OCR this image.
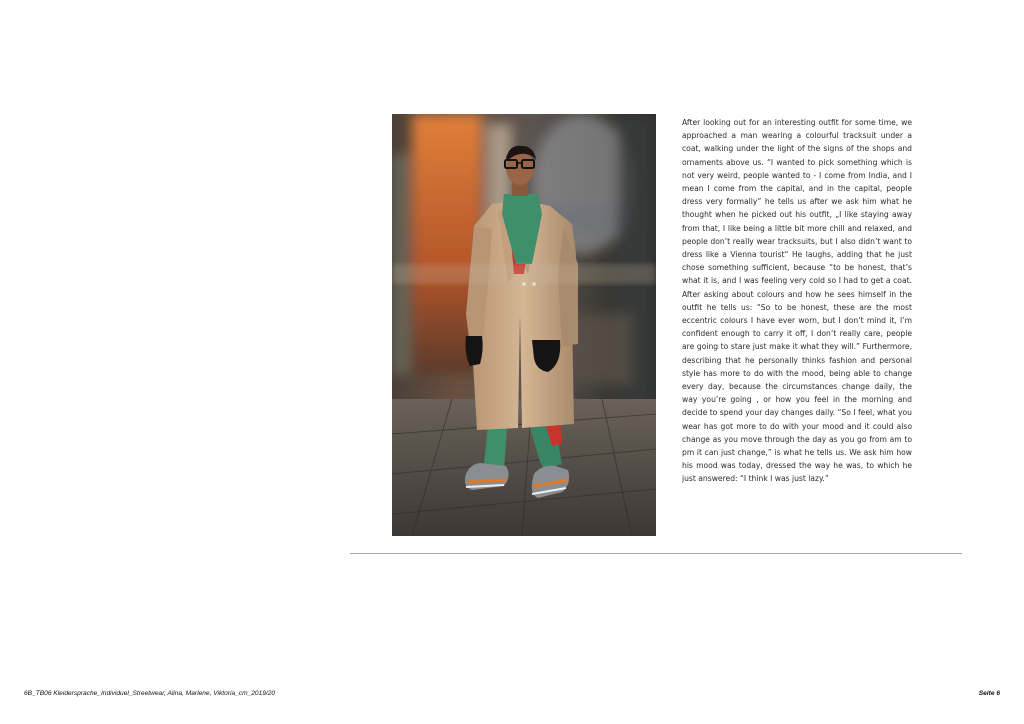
After looking out for an interesting outfit for some time, we approached a man wearing a colourful tracksuit under a coat, walking under the light of the signs of the shops and ornaments above us. “I wanted to pick something which is not very weird, people wanted to - I come from India, and I mean I come from the capital, and in the capital, people dress very formally” he tells us after we ask him what he thought when he picked out his outfit, „I like staying away from that, I like being a little bit more chill and relaxed, and people don’t really wear tracksuits, but I also didn’t want to dress like a Vienna tourist“ He laughs, adding that he just chose something sufficient, because “to be honest, that’s what it is, and I was feeling very cold so I had to get a coat. After asking about colours and how he sees himself in the outfit he tells us: “So to be honest, these are the most eccentric colours I have ever worn, but I don’t mind it, I’m confident enough to carry it off, I don’t really care, people are going to stare just make it what they will.” Furthermore, describing that he personally thinks fashion and personal style has more to do with the mood, being able to change every day, because the circumstances change daily, the way you’re going , or how you feel in the morning and decide to spend your day changes daily. “So I feel, what you wear has got more to do with your mood and it could also change as you move through the day as you go from am to pm it can just change,” is what he tells us. We ask him how his mood was today, dressed the way he was, to which he just answered: “I think I was just lazy.”

6B_TB06 Kleidersprache_Individuel_Streetwear, Alina, Marlene, Viktoria_cm_2019/20	Seite 6
